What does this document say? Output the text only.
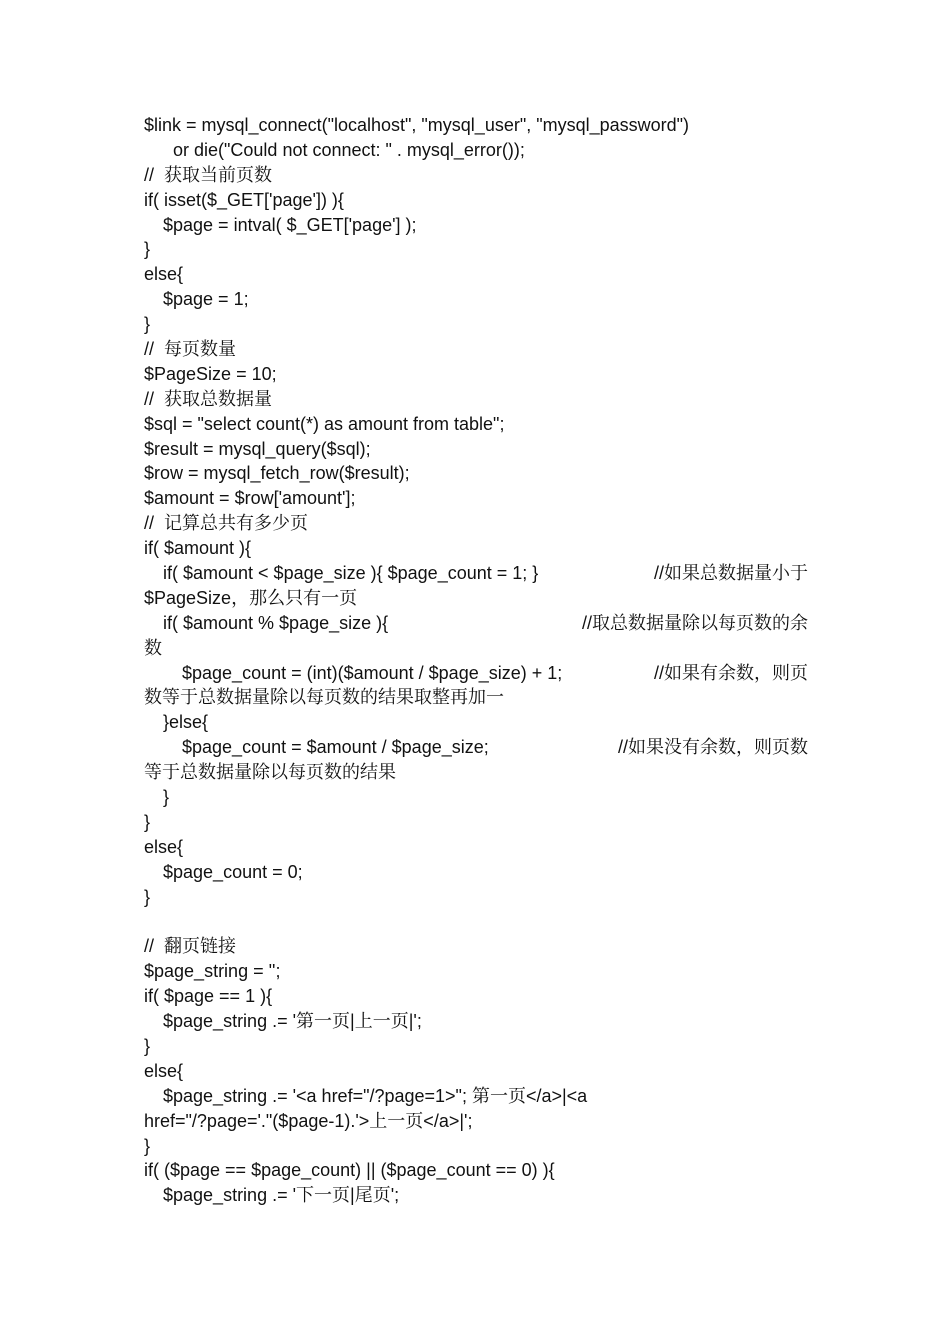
$link = mysql_connect("localhost", "mysql_user", "mysql_password")
or die("Could not connect: " . mysql_error());
//  获取当前页数
if( isset($_GET['page']) ){
$page = intval( $_GET['page'] );
}
else{
$page = 1;
}
//  每页数量
$PageSize = 10;
//  获取总数据量
$sql = "select count(*) as amount from table";
$result = mysql_query($sql);
$row = mysql_fetch_row($result);
$amount = $row['amount'];
//  记算总共有多少页
if( $amount ){
if( $amount < $page_size ){ $page_count = 1; }	//如果总数据量小于
$PageSize，那么只有一页
if( $amount % $page_size ){	//取总数据量除以每页数的余
数
$page_count = (int)($amount / $page_size) + 1;	//如果有余数，则页
数等于总数据量除以每页数的结果取整再加一
}else{
$page_count = $amount / $page_size;	//如果没有余数，则页数
等于总数据量除以每页数的结果
}
}
else{
$page_count = 0;
}
//  翻页链接
$page_string = '';
if( $page == 1 ){
$page_string .= '第一页|上一页|';
}
else{
$page_string .= '<a href="/?page=1>"; 第一页</a>|<a
href="/?page='."($page-1).'>上一页</a>|';
}
if( ($page == $page_count) || ($page_count == 0) ){
$page_string .= '下一页|尾页';
